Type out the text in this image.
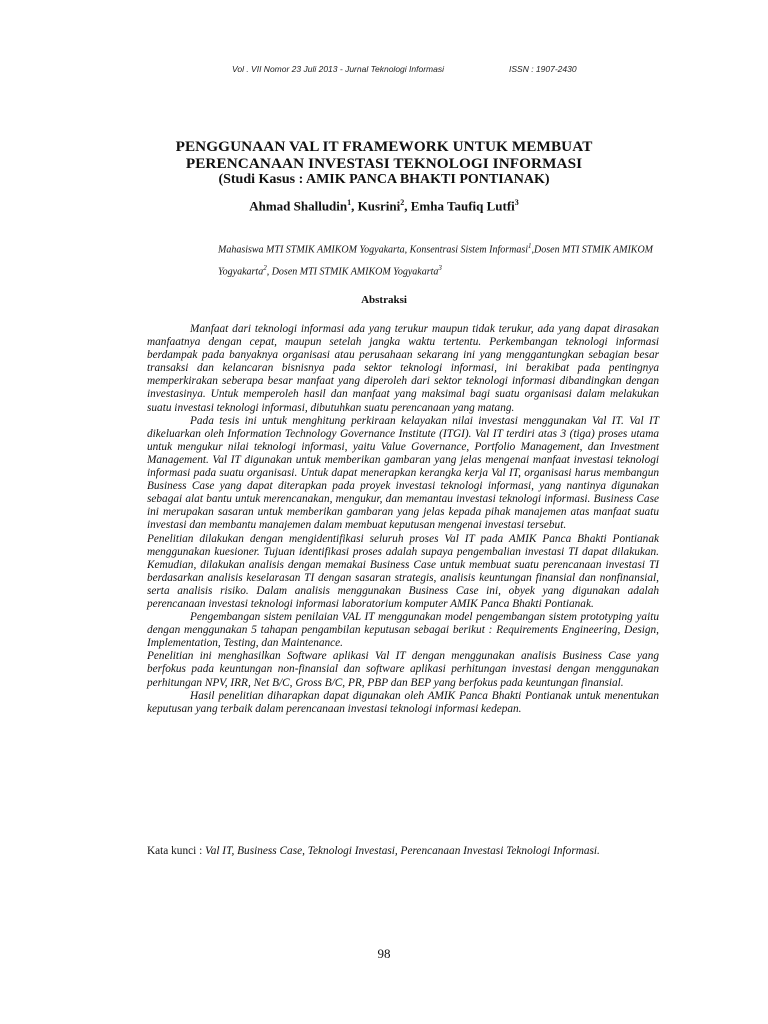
Vol . VII Nomor 23 Juli 2013 - Jurnal Teknologi Informasi	ISSN : 1907-2430
PENGGUNAAN VAL IT FRAMEWORK UNTUK MEMBUAT
PERENCANAAN INVESTASI TEKNOLOGI INFORMASI
(Studi Kasus : AMIK PANCA BHAKTI PONTIANAK)
Ahmad Shalludin$^1$, Kusrini$^2$, Emha Taufiq Lutfi$^3$
Mahasiswa MTI STMIK AMIKOM Yogyakarta, Konsentrasi Sistem Informasi$^1$,Dosen MTI STMIK AMIKOM Yogyakarta$^2$, Dosen MTI STMIK AMIKOM Yogyakarta$^3$
Abstraksi

Manfaat dari teknologi informasi ada yang terukur maupun tidak terukur, ada yang dapat dirasakan manfaatnya dengan cepat, maupun setelah jangka waktu tertentu. Perkembangan teknologi informasi berdampak pada banyaknya organisasi atau perusahaan sekarang ini yang menggantungkan sebagian besar transaksi dan kelancaran bisnisnya pada sektor teknologi informasi, ini berakibat pada pentingnya memperkirakan seberapa besar manfaat yang diperoleh dari sektor teknologi informasi dibandingkan dengan investasinya. Untuk memperoleh hasil dan manfaat yang maksimal bagi suatu organisasi dalam melakukan suatu investasi teknologi informasi, dibutuhkan suatu perencanaan yang matang.

Pada tesis ini untuk menghitung perkiraan kelayakan nilai investasi menggunakan Val IT. Val IT dikeluarkan oleh Information Technology Governance Institute (ITGI). Val IT terdiri atas 3 (tiga) proses utama untuk mengukur nilai teknologi informasi, yaitu Value Governance, Portfolio Management, dan Investment Management. Val IT digunakan untuk memberikan gambaran yang jelas mengenai manfaat investasi teknologi informasi pada suatu organisasi. Untuk dapat menerapkan kerangka kerja Val IT, organisasi harus membangun Business Case yang dapat diterapkan pada proyek investasi teknologi informasi, yang nantinya digunakan sebagai alat bantu untuk merencanakan, mengukur, dan memantau investasi teknologi informasi. Business Case ini merupakan sasaran untuk memberikan gambaran yang jelas kepada pihak manajemen atas manfaat suatu investasi dan membantu manajemen dalam membuat keputusan mengenai investasi tersebut.

Penelitian dilakukan dengan mengidentifikasi seluruh proses Val IT pada AMIK Panca Bhakti Pontianak menggunakan kuesioner. Tujuan identifikasi proses adalah supaya pengembalian investasi TI dapat dilakukan. Kemudian, dilakukan analisis dengan memakai Business Case untuk membuat suatu perencanaan investasi TI berdasarkan analisis keselarasan TI dengan sasaran strategis, analisis keuntungan finansial dan nonfinansial, serta analisis risiko. Dalam analisis menggunakan Business Case ini, obyek yang digunakan adalah perencanaan investasi teknologi informasi laboratorium komputer AMIK Panca Bhakti Pontianak.

Pengembangan sistem penilaian VAL IT menggunakan model pengembangan sistem prototyping yaitu dengan menggunakan 5 tahapan pengambilan keputusan sebagai berikut : Requirements Engineering, Design, Implementation, Testing, dan Maintenance.

Penelitian ini menghasilkan Software aplikasi Val IT dengan menggunakan analisis Business Case yang berfokus pada keuntungan non-finansial dan software aplikasi perhitungan investasi dengan menggunakan perhitungan NPV, IRR, Net B/C, Gross B/C, PR, PBP dan BEP yang berfokus pada keuntungan finansial.

Hasil penelitian diharapkan dapat digunakan oleh AMIK Panca Bhakti Pontianak untuk menentukan keputusan yang terbaik dalam perencanaan investasi teknologi informasi kedepan.

Kata kunci : Val IT, Business Case, Teknologi Investasi, Perencanaan Investasi Teknologi Informasi.
98
